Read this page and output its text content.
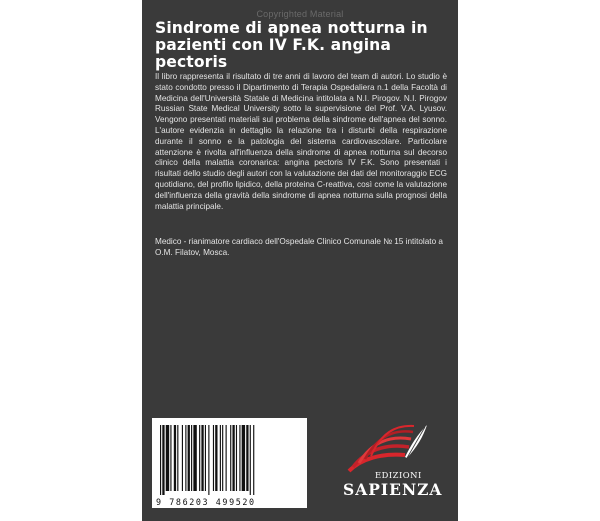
Copyrighted Material
Sindrome di apnea notturna in pazienti con IV F.K. angina pectoris
Il libro rappresenta il risultato di tre anni di lavoro del team di autori. Lo studio è stato condotto presso il Dipartimento di Terapia Ospedaliera n.1 della Facoltà di Medicina dell'Università Statale di Medicina intitolata a N.I. Pirogov. N.I. Pirogov Russian State Medical University sotto la supervisione del Prof. V.A. Lyusov. Vengono presentati materiali sul problema della sindrome dell'apnea del sonno. L'autore evidenzia in dettaglio la relazione tra i disturbi della respirazione durante il sonno e la patologia del sistema cardiovascolare. Particolare attenzione è rivolta all'influenza della sindrome di apnea notturna sul decorso clinico della malattia coronarica: angina pectoris IV F.K. Sono presentati i risultati dello studio degli autori con la valutazione dei dati del monitoraggio ECG quotidiano, del profilo lipidico, della proteina C-reattiva, così come la valutazione dell'influenza della gravità della sindrome di apnea notturna sulla prognosi della malattia principale.
Medico - rianimatore cardiaco dell'Ospedale Clinico Comunale № 15 intitolato a O.M. Filatov, Mosca.
9 786203 499520
EDIZIONI
SAPIENZA
